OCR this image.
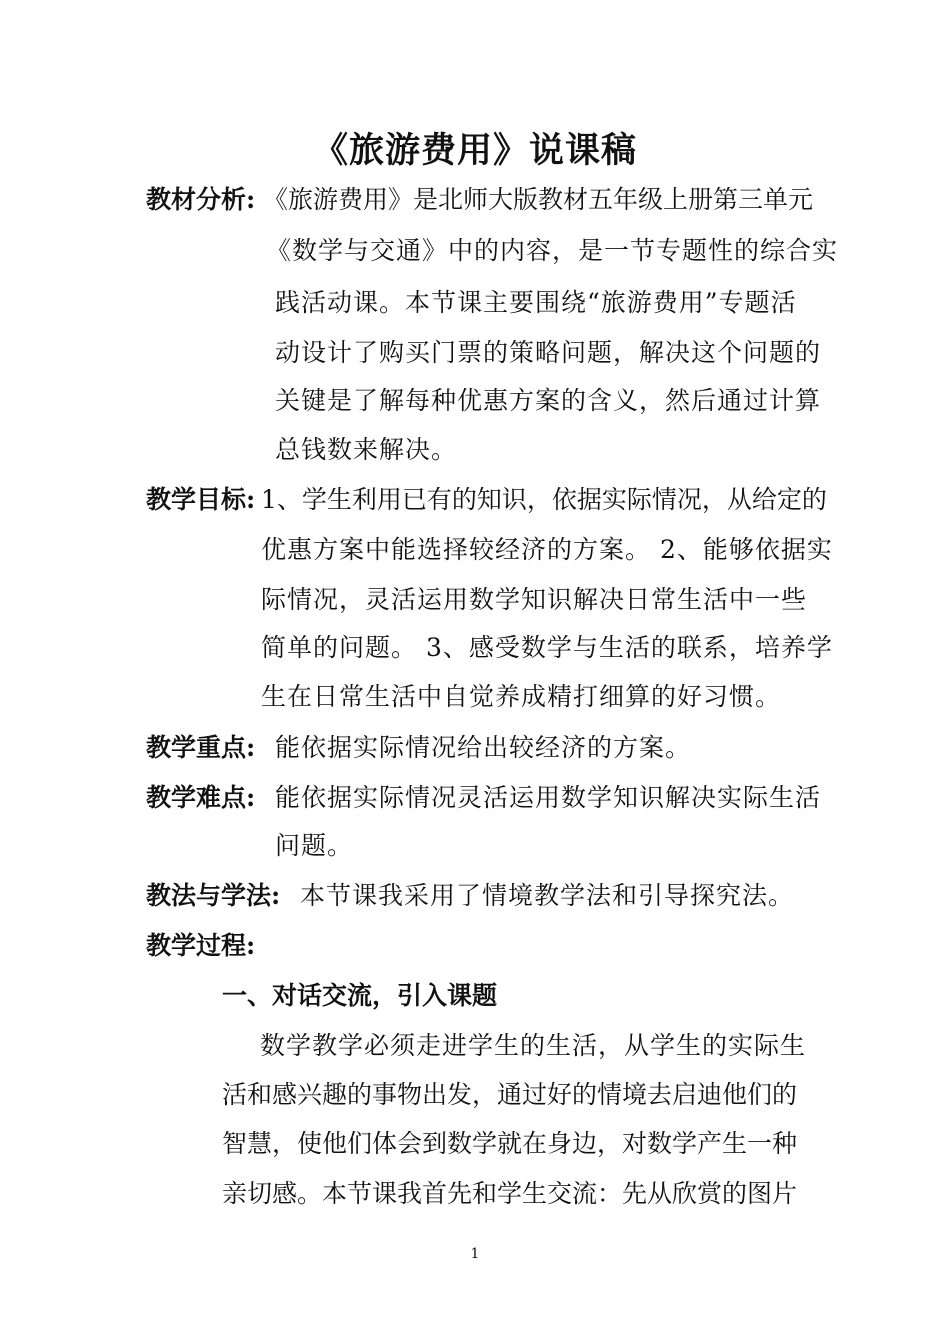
《旅游费用》说课稿
教材分析: 《旅游费用》是北师大版教材五年级上册第三单元
《数学与交通》中的内容，是一节专题性的综合实
践活动课。本节课主要围绕“旅游费用”专题活
动设计了购买门票的策略问题，解决这个问题的
关键是了解每种优惠方案的含义，然后通过计算
总钱数来解决。
教学目标: 1、学生利用已有的知识，依据实际情况，从给定的
优惠方案中能选择较经济的方案。 2、能够依据实
际情况，灵活运用数学知识解决日常生活中一些
简单的问题。 3、感受数学与生活的联系，培养学
生在日常生活中自觉养成精打细算的好习惯。
教学重点: 能依据实际情况给出较经济的方案。
教学难点: 能依据实际情况灵活运用数学知识解决实际生活
问题。
教法与学法: 本节课我采用了情境教学法和引导探究法。
教学过程:
一、对话交流，引入课题
数学教学必须走进学生的生活，从学生的实际生
活和感兴趣的事物出发，通过好的情境去启迪他们的
智慧，使他们体会到数学就在身边，对数学产生一种
亲切感。本节课我首先和学生交流：先从欣赏的图片
1
